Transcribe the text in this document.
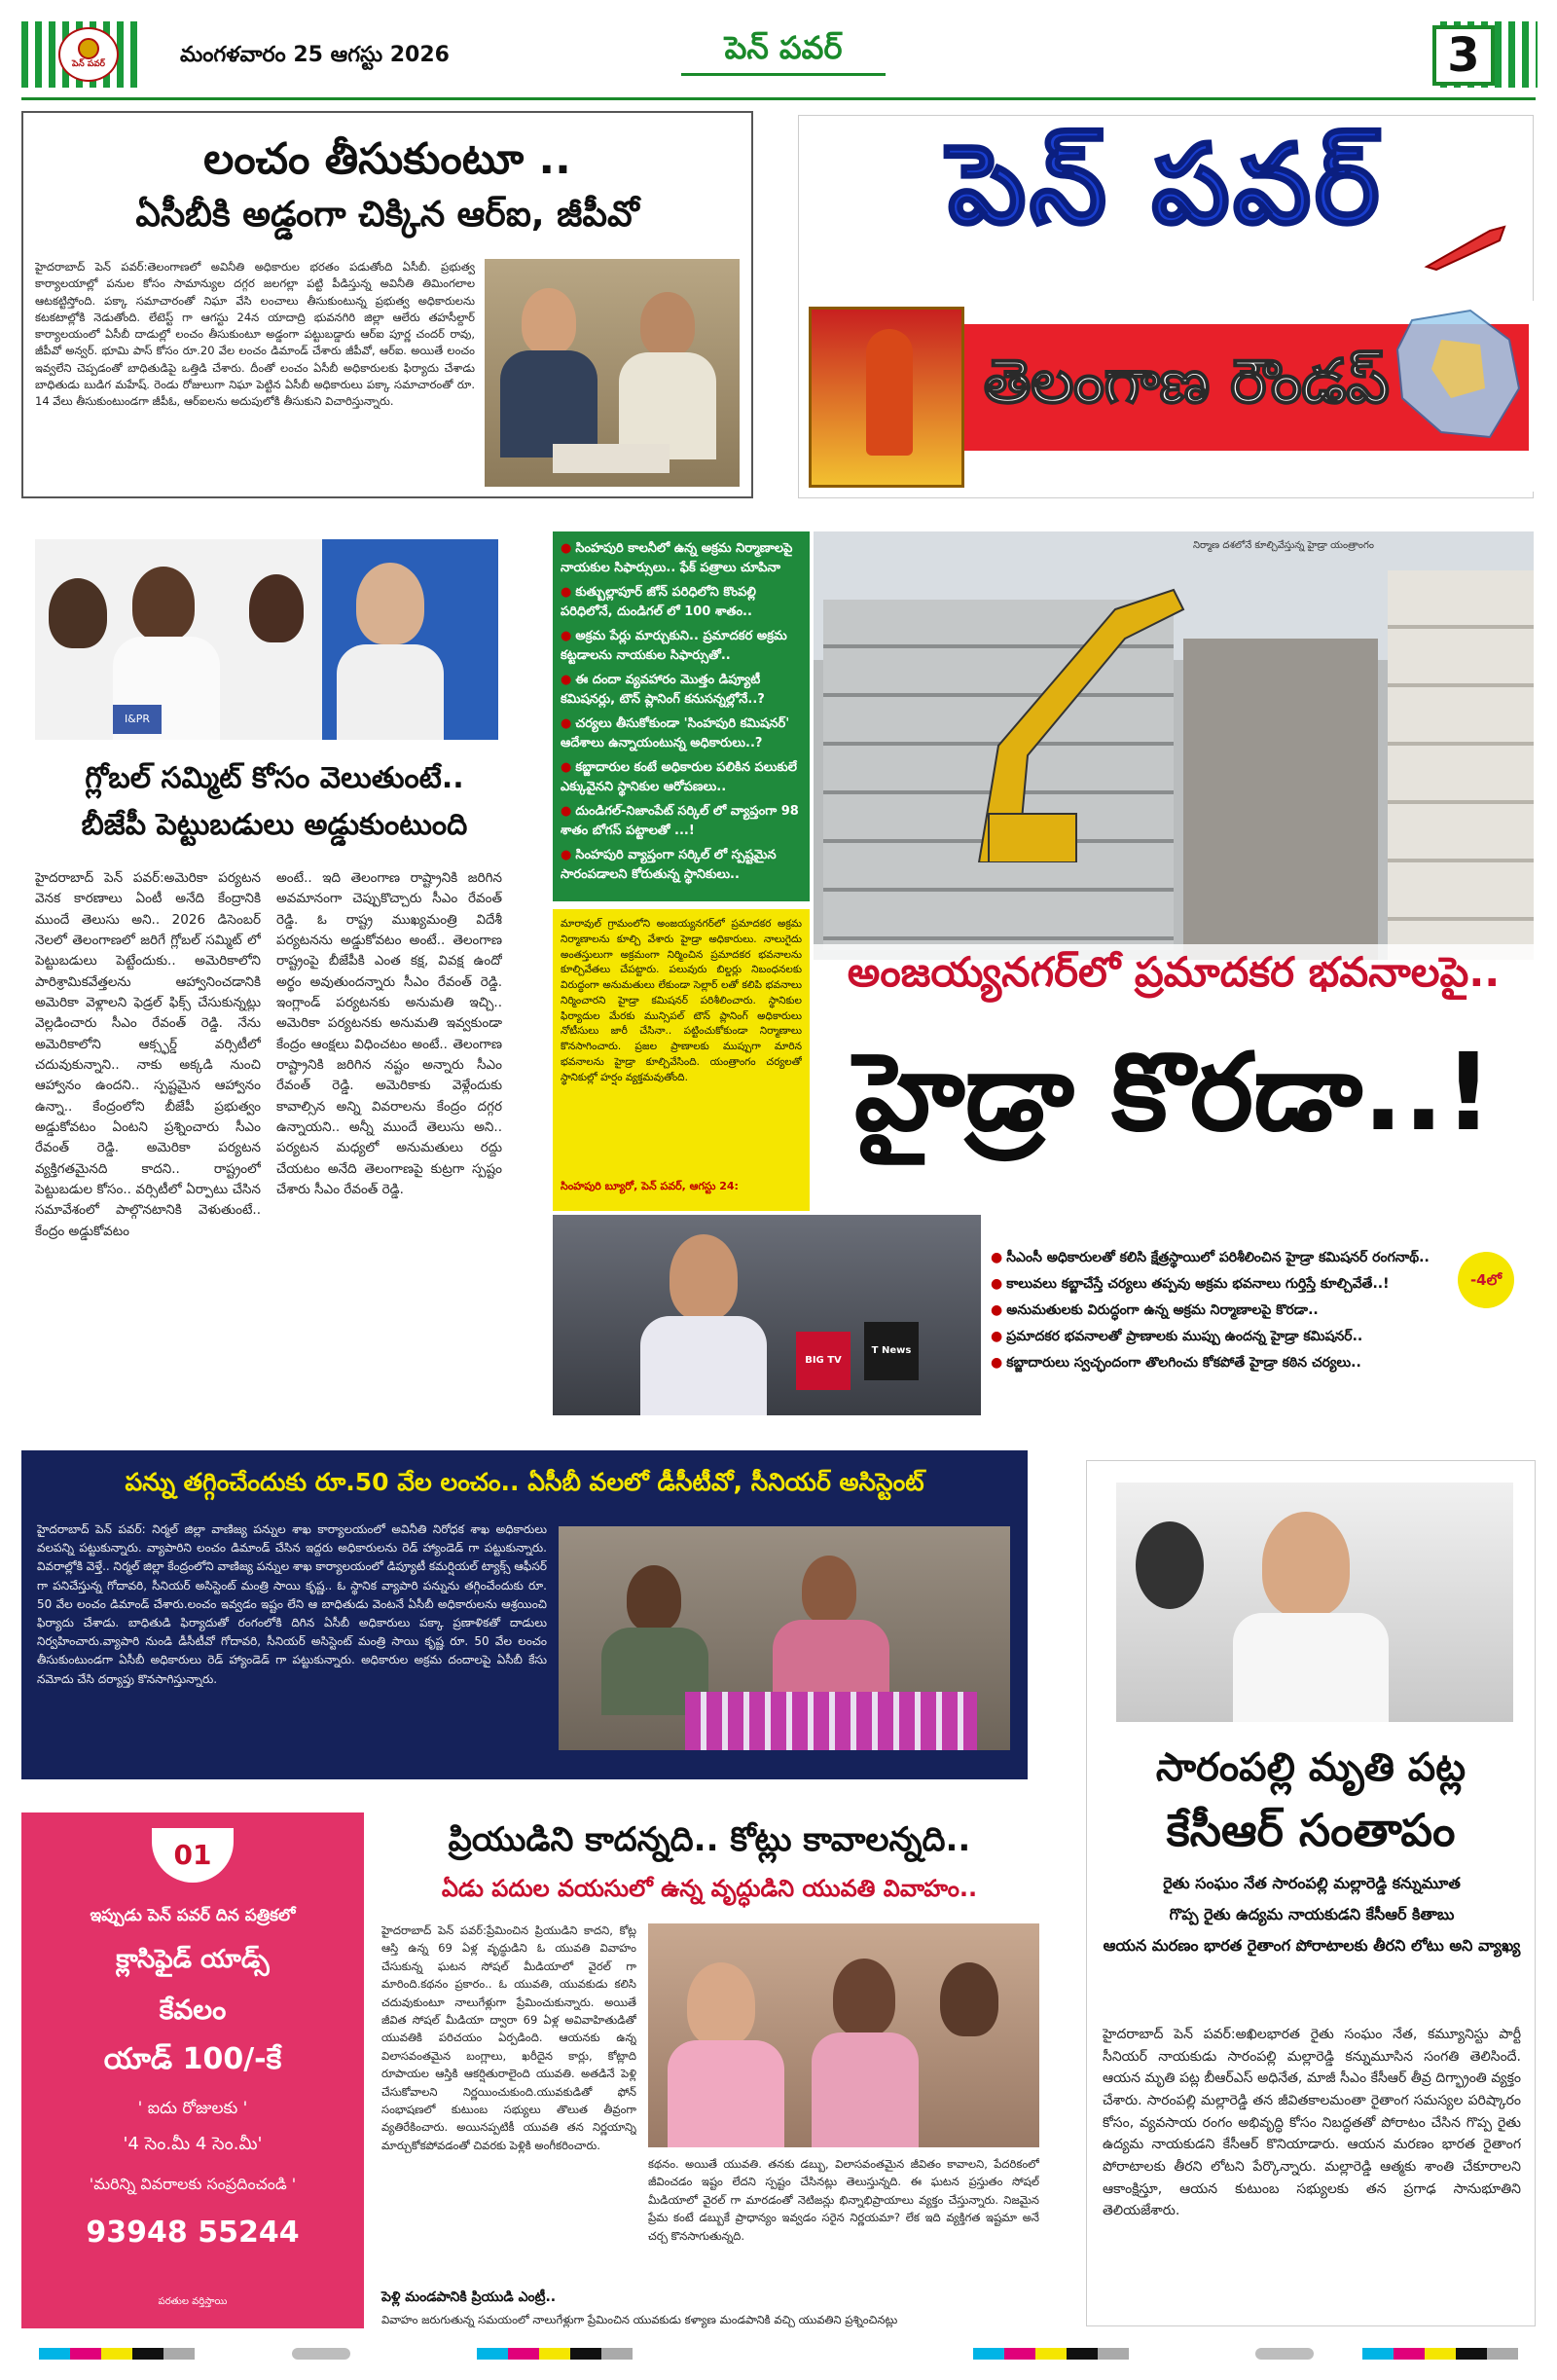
పెన్ పవర్	మంగళవారం 25 ఆగస్టు 2026	పెన్ పవర్	3
లంచం తీసుకుంటూ ..
ఏసీబీకి అడ్డంగా చిక్కిన ఆర్ఐ, జీపీవో
హైదరాబాద్ పెన్ పవర్:తెలంగాణలో అవినీతి అధికారుల భరతం పడుతోంది ఏసీబీ. ప్రభుత్వ కార్యాలయాల్లో పనుల కోసం సామాన్యుల దగ్గర జలగల్లా పట్టి పీడిస్తున్న అవినీతి తిమింగలాల ఆటకట్టిస్తోంది. పక్కా సమాచారంతో నిఘా వేసి లంచాలు తీసుకుంటున్న ప్రభుత్వ అధికారులను కటకటాల్లోకి నెడుతోంది. లేటెస్ట్ గా ఆగస్టు 24న యాదాద్రి భువనగిరి జిల్లా ఆలేరు తహసీల్దార్ కార్యాలయంలో ఏసీబీ దాడుల్లో లంచం తీసుకుంటూ అడ్డంగా పట్టుబడ్డారు ఆర్ఐ పూర్ణ చందర్ రావు, జీపీవో అన్వర్. భూమి పాస్ కోసం రూ.20 వేల లంచం డిమాండ్ చేశారు జీపీవో, ఆర్ఐ. అయితే లంచం ఇవ్వలేని చెప్పడంతో బాధితుడిపై ఒత్తిడి చేశారు. దీంతో లంచం ఏసీబీ అధికారులకు ఫిర్యాదు చేశాడు బాధితుడు బుడిగ మహేష్. రెండు రోజులుగా నిఘా పెట్టిన ఏసీబీ అధికారులు పక్కా సమాచారంతో రూ. 14 వేలు తీసుకుంటుండగా జీపీఓ, ఆర్ఐలను అదుపులోకి తీసుకుని విచారిస్తున్నారు.
పెన్ పవర్
తెలంగాణ రౌండప్
I&PR
గ్లోబల్ సమ్మిట్ కోసం వెలుతుంటే..
బీజేపీ పెట్టుబడులు అడ్డుకుంటుంది
హైదరాబాద్ పెన్ పవర్:అమెరికా పర్యటన వెనక కారణాలు ఏంటీ అనేది కేంద్రానికి ముందే తెలుసు అని.. 2026 డిసెంబర్ నెలలో తెలంగాణలో జరిగే గ్లోబల్ సమ్మిట్ లో పెట్టుబడులు పెట్టేందుకు.. అమెరికాలోని పారిశ్రామికవేత్తలను ఆహ్వానించడానికి అమెరికా వెళ్లాలని ఫెడ్రల్ ఫిక్స్ చేసుకున్నట్లు వెల్లడించారు సీఎం రేవంత్ రెడ్డి. నేను అమెరికాలోని ఆక్స్ఫర్డ్ వర్సిటీలో చదువుకున్నాని.. నాకు అక్కడి నుంచి ఆహ్వానం ఉందని.. స్పష్టమైన ఆహ్వానం ఉన్నా.. కేంద్రంలోని బీజేపీ ప్రభుత్వం అడ్డుకోవటం ఏంటని ప్రశ్నించారు సీఎం రేవంత్ రెడ్డి. అమెరికా పర్యటన వ్యక్తిగతమైనది కాదని.. రాష్ట్రంలో పెట్టుబడుల కోసం.. వర్సిటీలో ఏర్పాటు చేసిన సమావేశంలో పాల్గొనటానికి వెళుతుంటే.. కేంద్రం అడ్డుకోవటం
అంటే.. ఇది తెలంగాణ రాష్ట్రానికి జరిగిన అవమానంగా చెప్పుకొచ్చారు సీఎం రేవంత్ రెడ్డి. ఓ రాష్ట్ర ముఖ్యమంత్రి విదేశీ పర్యటనను అడ్డుకోవటం అంటే.. తెలంగాణ రాష్ట్రంపై బీజేపీకి ఎంత కక్ష, వివక్ష ఉందో అర్థం అవుతుందన్నారు సీఎం రేవంత్ రెడ్డి. ఇంగ్లాండ్ పర్యటనకు అనుమతి ఇచ్చి.. అమెరికా పర్యటనకు అనుమతి ఇవ్వకుండా కేంద్రం ఆంక్షలు విధించటం అంటే.. తెలంగాణ రాష్ట్రానికి జరిగిన నష్టం అన్నారు సీఎం రేవంత్ రెడ్డి. అమెరికాకు వెళ్లేందుకు కావాల్సిన అన్ని వివరాలను కేంద్రం దగ్గర ఉన్నాయని.. అన్నీ ముందే తెలుసు అని.. పర్యటన మధ్యలో అనుమతులు రద్దు చేయటం అనేది తెలంగాణపై కుట్రగా స్పష్టం చేశారు సీఎం రేవంత్ రెడ్డి.
● సింహపురి కాలనీలో ఉన్న అక్రమ నిర్మాణాలపై నాయకుల సిఫార్సులు.. ఫేక్ పత్రాలు చూపినా
● కుత్బుల్లాపూర్ జోన్ పరిధిలోని కొంపల్లి పరిధిలోనే, దుండిగల్ లో 100 శాతం..
● అక్రమ పేర్లు మార్చుకుని.. ప్రమాదకర అక్రమ కట్టడాలను నాయకుల సిఫార్సుతో..
● ఈ దందా వ్యవహారం మొత్తం డిప్యూటీ కమిషనర్లు, టౌన్ ప్లానింగ్ కనుసన్నల్లోనే..?
● చర్యలు తీసుకోకుండా 'సింహపురి కమిషనర్' ఆదేశాలు ఉన్నాయంటున్న అధికారులు..?
● కబ్జాదారుల కంటే అధికారుల పలికిన పలుకులే ఎక్కువైనని స్థానికుల ఆరోపణలు..
● దుండిగల్-నిజాంపేట్ సర్కిల్ లో వ్యాప్తంగా 98 శాతం బోగస్ పట్టాలతో ...!
● సింహపురి వ్యాప్తంగా సర్కిల్ లో స్పష్టమైన సారంపడాలని కోరుతున్న స్థానికులు..
నిర్మాణ దశలోనే కూల్చివేస్తున్న హైడ్రా యంత్రాంగం
మారావుల్ గ్రామంలోని అంజయ్యనగర్‌లో ప్రమాదకర అక్రమ నిర్మాణాలను కూల్చి వేశారు హైడ్రా అధికారులు. నాలుగైదు అంతస్తులుగా అక్రమంగా నిర్మించిన ప్రమాదకర భవనాలను కూల్చివేతలు చేపట్టారు. పలువురు బిల్డర్లు నిబంధనలకు విరుద్ధంగా అనుమతులు లేకుండా సెల్లార్ లతో కలిపి భవనాలు నిర్మించారని హైడ్రా కమిషనర్ పరిశీలించారు. స్థానికుల ఫిర్యాదుల మేరకు మున్సిపల్ టౌన్ ప్లానింగ్ అధికారులు నోటీసులు జారీ చేసినా.. పట్టించుకోకుండా నిర్మాణాలు కొనసాగించారు. ప్రజల ప్రాణాలకు ముప్పుగా మారిన భవనాలను హైడ్రా కూల్చివేసింది. యంత్రాంగం చర్యలతో స్థానికుల్లో హర్షం వ్యక్తమవుతోంది.
సింహపురి బ్యూరో, పెన్ పవర్, ఆగస్టు 24:
అంజయ్యనగర్‌లో ప్రమాదకర భవనాలపై..
హైడ్రా కొరడా..!
BIG TV
T News
● సీఎంసీ అధికారులతో కలిసి క్షేత్రస్థాయిలో పరిశీలించిన హైడ్రా కమిషనర్ రంగనాథ్..
● కాలువలు కబ్జాచేస్తే చర్యలు తప్పవు అక్రమ భవనాలు గుర్తిస్తే కూల్చివేతే..!
● అనుమతులకు విరుద్ధంగా ఉన్న అక్రమ నిర్మాణాలపై కొరడా..
● ప్రమాదకర భవనాలతో ప్రాణాలకు ముప్పు ఉందన్న హైడ్రా కమిషనర్..
● కబ్జాదారులు స్వచ్ఛందంగా తొలగించు కోకపోతే హైడ్రా కఠిన చర్యలు..
-4లో
పన్ను తగ్గించేందుకు రూ.50 వేల లంచం.. ఏసీబీ వలలో డీసీటీవో, సీనియర్ అసిస్టెంట్
హైదరాబాద్ పెన్ పవర్: నిర్మల్ జిల్లా వాణిజ్య పన్నుల శాఖ కార్యాలయంలో అవినీతి నిరోధక శాఖ అధికారులు వలపన్ని పట్టుకున్నారు. వ్యాపారిని లంచం డిమాండ్ చేసిన ఇద్దరు అధికారులను రెడ్ హ్యాండెడ్ గా పట్టుకున్నారు. వివరాల్లోకి వెళ్తే.. నిర్మల్ జిల్లా కేంద్రంలోని వాణిజ్య పన్నుల శాఖ కార్యాలయంలో డిప్యూటీ కమర్షియల్ ట్యాక్స్ ఆఫీసర్ గా పనిచేస్తున్న గోదావరి, సీనియర్ అసిస్టెంట్ మంత్రి సాయి కృష్ణ.. ఓ స్థానిక వ్యాపారి పన్నును తగ్గించేందుకు రూ. 50 వేల లంచం డిమాండ్ చేశారు.లంచం ఇవ్వడం ఇష్టం లేని ఆ బాధితుడు వెంటనే ఏసీబీ అధికారులను ఆశ్రయించి ఫిర్యాదు చేశాడు. బాధితుడి ఫిర్యాదుతో రంగంలోకి దిగిన ఏసీబీ అధికారులు పక్కా ప్రణాళికతో దాడులు నిర్వహించారు.వ్యాపారి నుండి డీసీటీవో గోదావరి, సీనియర్ అసిస్టెంట్ మంత్రి సాయి కృష్ణ రూ. 50 వేల లంచం తీసుకుంటుండగా ఏసీబీ అధికారులు రెడ్ హ్యాండెడ్ గా పట్టుకున్నారు. అధికారుల అక్రమ దందాలపై ఏసీబీ కేసు నమోదు చేసి దర్యాప్తు కొనసాగిస్తున్నారు.
సారంపల్లి మృతి పట్ల
కేసీఆర్ సంతాపం
రైతు సంఘం నేత సారంపల్లి మల్లారెడ్డి కన్నుమూత
గొప్ప రైతు ఉద్యమ నాయకుడని కేసీఆర్ కితాబు
ఆయన మరణం భారత రైతాంగ పోరాటాలకు తీరని లోటు అని వ్యాఖ్య
హైదరాబాద్ పెన్ పవర్:అఖిలభారత రైతు సంఘం నేత, కమ్యూనిస్టు పార్టీ సీనియర్ నాయకుడు సారంపల్లి మల్లారెడ్డి కన్నుమూసిన సంగతి తెలిసిందే. ఆయన మృతి పట్ల బీఆర్ఎస్ అధినేత, మాజీ సీఎం కేసీఆర్ తీవ్ర దిగ్భ్రాంతి వ్యక్తం చేశారు. సారంపల్లి మల్లారెడ్డి తన జీవితకాలమంతా రైతాంగ సమస్యల పరిష్కారం కోసం, వ్యవసాయ రంగం అభివృద్ధి కోసం నిబద్ధతతో పోరాటం చేసిన గొప్ప రైతు ఉద్యమ నాయకుడని కేసీఆర్ కొనియాడారు. ఆయన మరణం భారత రైతాంగ పోరాటాలకు తీరని లోటని పేర్కొన్నారు. మల్లారెడ్డి ఆత్మకు శాంతి చేకూరాలని ఆకాంక్షిస్తూ, ఆయన కుటుంబ సభ్యులకు తన ప్రగాఢ సానుభూతిని తెలియజేశారు.
01
ఇప్పుడు పెన్ పవర్ దిన పత్రికలో
క్లాసిఫైడ్ యాడ్స్
కేవలం
యాడ్ 100/-కే
' ఐదు రోజులకు '
'4 సెం.మీ 4 సెం.మీ'
'మరిన్ని వివరాలకు సంప్రదించండి '
93948 55244
పరతుల వర్తిస్తాయి
ప్రియుడిని కాదన్నది.. కోట్లు కావాలన్నది..
ఏడు పదుల వయసులో ఉన్న వృద్ధుడిని యువతి వివాహం..
హైదరాబాద్ పెన్ పవర్:ప్రేమించిన ప్రియుడిని కాదని, కోట్ల ఆస్తి ఉన్న 69 ఏళ్ల వృద్ధుడిని ఓ యువతి వివాహం చేసుకున్న ఘటన సోషల్ మీడియాలో వైరల్ గా మారింది.కథనం ప్రకారం.. ఓ యువతి, యువకుడు కలిసి చదువుకుంటూ నాలుగేళ్లుగా ప్రేమించుకున్నారు. అయితే జీవిత సోషల్ మీడియా ద్వారా 69 ఏళ్ల అవివాహితుడితో యువతికి పరిచయం ఏర్పడింది. ఆయనకు ఉన్న విలాసవంతమైన బంగ్లాలు, ఖరీదైన కార్లు, కోట్లాది రూపాయల ఆస్తికి ఆకర్షితురాలైంది యువతి. అతడినే పెళ్లి చేసుకోవాలని నిర్ణయించుకుంది.యువకుడితో ఫోన్ సంభాషణలో కుటుంబ సభ్యులు తొలుత తీవ్రంగా వ్యతిరేకించారు. అయినప్పటికీ యువతి తన నిర్ణయాన్ని మార్చుకోకపోవడంతో చివరకు పెళ్లికి అంగీకరించారు.
కథనం. అయితే యువతి. తనకు డబ్బు, విలాసవంతమైన జీవితం కావాలని, పేదరికంలో జీవించడం ఇష్టం లేదని స్పష్టం చేసినట్లు తెలుస్తున్నది. ఈ ఘటన ప్రస్తుతం సోషల్ మీడియాలో వైరల్ గా మారడంతో నెటిజన్లు భిన్నాభిప్రాయాలు వ్యక్తం చేస్తున్నారు. నిజమైన ప్రేమ కంటే డబ్బుకే ప్రాధాన్యం ఇవ్వడం సరైన నిర్ణయమా? లేక ఇది వ్యక్తిగత ఇష్టమా అనే చర్చ కొనసాగుతున్నది.
పెళ్లి మండపానికి ప్రియుడి ఎంట్రీ..
వివాహం జరుగుతున్న సమయంలో నాలుగేళ్లుగా ప్రేమించిన యువకుడు కళ్యాణ మండపానికి వచ్చి యువతిని ప్రశ్నించినట్లు
